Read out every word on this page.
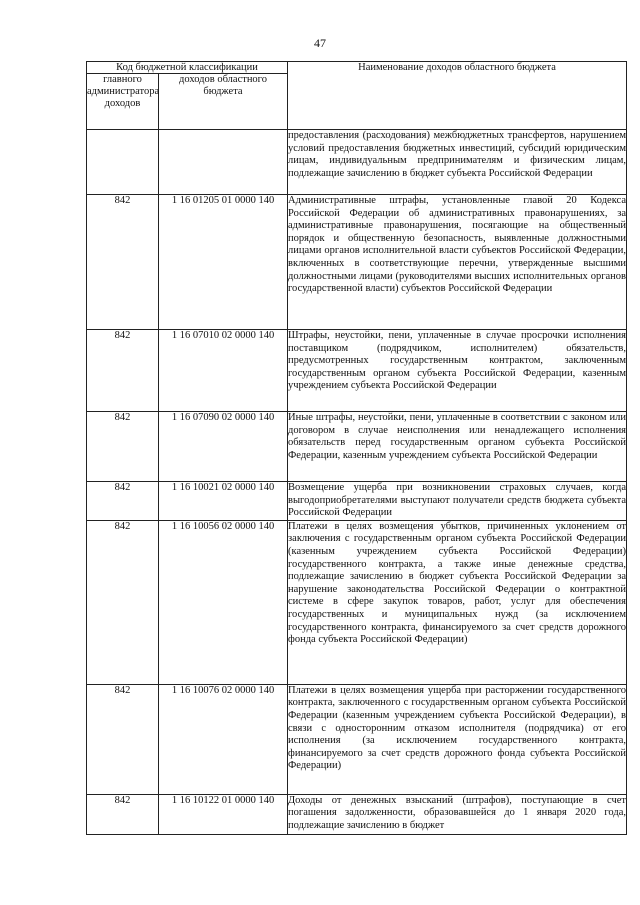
47
Код бюджетной классификации		Наименование доходов областного бюджета
главного администратора доходов	доходов областного бюджета	
		предоставления (расходования) межбюджетных трансфертов, нарушением условий предоставления бюджетных инвестиций, субсидий юридическим лицам, индивидуальным предпринимателям и физическим лицам, подлежащие зачислению в бюджет субъекта Российской Федерации
842	1 16 01205 01 0000 140	Административные штрафы, установленные главой 20 Кодекса Российской Федерации об административных правонарушениях, за административные правонарушения, посягающие на общественный порядок и общественную безопасность, выявленные должностными лицами органов исполнительной власти субъектов Российской Федерации, включенных в соответствующие перечни, утвержденные высшими должностными лицами (руководителями высших исполнительных органов государственной власти) субъектов Российской Федерации
842	1 16 07010 02 0000 140	Штрафы, неустойки, пени, уплаченные в случае просрочки исполнения поставщиком (подрядчиком, исполнителем) обязательств, предусмотренных государственным контрактом, заключенным государственным органом субъекта Российской Федерации, казенным учреждением субъекта Российской Федерации
842	1 16 07090 02 0000 140	Иные штрафы, неустойки, пени, уплаченные в соответствии с законом или договором в случае неисполнения или ненадлежащего исполнения обязательств перед государственным органом субъекта Российской Федерации, казенным учреждением субъекта Российской Федерации
842	1 16 10021 02 0000 140	Возмещение ущерба при возникновении страховых случаев, когда выгодоприобретателями выступают получатели средств бюджета субъекта Российской Федерации
842	1 16 10056 02 0000 140	Платежи в целях возмещения убытков, причиненных уклонением от заключения с государственным органом субъекта Российской Федерации (казенным учреждением субъекта Российской Федерации) государственного контракта, а также иные денежные средства, подлежащие зачислению в бюджет субъекта Российской Федерации за нарушение законодательства Российской Федерации о контрактной системе в сфере закупок товаров, работ, услуг для обеспечения государственных и муниципальных нужд (за исключением государственного контракта, финансируемого за счет средств дорожного фонда субъекта Российской Федерации)
842	1 16 10076 02 0000 140	Платежи в целях возмещения ущерба при расторжении государственного контракта, заключенного с государственным органом субъекта Российской Федерации (казенным учреждением субъекта Российской Федерации), в связи с односторонним отказом исполнителя (подрядчика) от его исполнения (за исключением государственного контракта, финансируемого за счет средств дорожного фонда субъекта Российской Федерации)
842	1 16 10122 01 0000 140	Доходы от денежных взысканий (штрафов), поступающие в счет погашения задолженности, образовавшейся до 1 января 2020 года, подлежащие зачислению в бюджет
